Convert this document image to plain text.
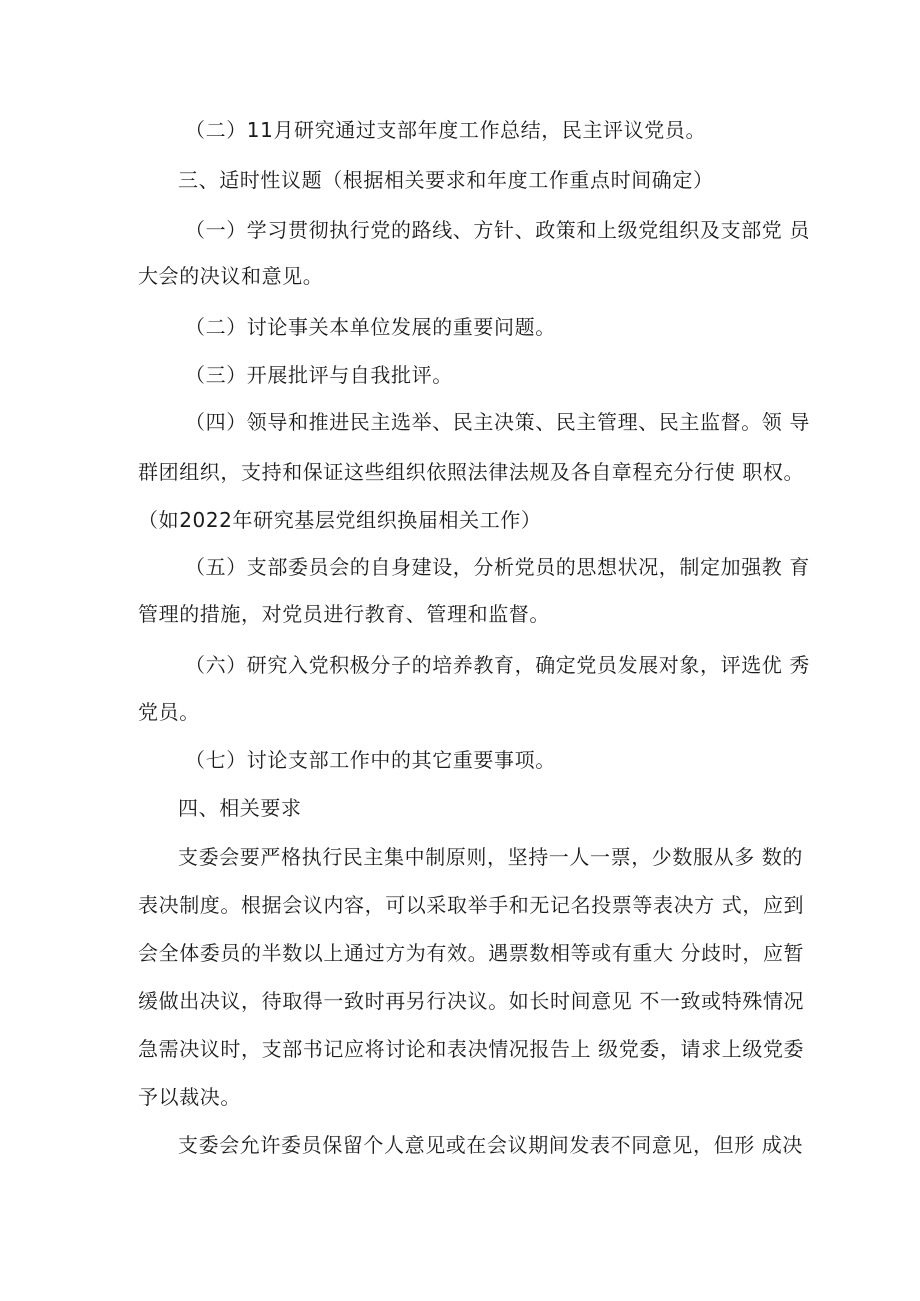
（二）11月研究通过支部年度工作总结，民主评议党员。
三、适时性议题（根据相关要求和年度工作重点时间确定）
（一）学习贯彻执行党的路线、方针、政策和上级党组织及支部党 员
大会的决议和意见。
（二）讨论事关本单位发展的重要问题。
（三）开展批评与自我批评。
（四）领导和推进民主选举、民主决策、民主管理、民主监督。领 导
群团组织，支持和保证这些组织依照法律法规及各自章程充分行使 职权。
（如2022年研究基层党组织换届相关工作）
（五）支部委员会的自身建设，分析党员的思想状况，制定加强教 育
管理的措施，对党员进行教育、管理和监督。
（六）研究入党积极分子的培养教育，确定党员发展对象，评选优 秀
党员。
（七）讨论支部工作中的其它重要事项。
四、相关要求
支委会要严格执行民主集中制原则，坚持一人一票，少数服从多 数的
表决制度。根据会议内容，可以采取举手和无记名投票等表决方 式，应到
会全体委员的半数以上通过方为有效。遇票数相等或有重大 分歧时，应暂
缓做出决议，待取得一致时再另行决议。如长时间意见 不一致或特殊情况
急需决议时，支部书记应将讨论和表决情况报告上 级党委，请求上级党委
予以裁决。
支委会允许委员保留个人意见或在会议期间发表不同意见，但形 成决
